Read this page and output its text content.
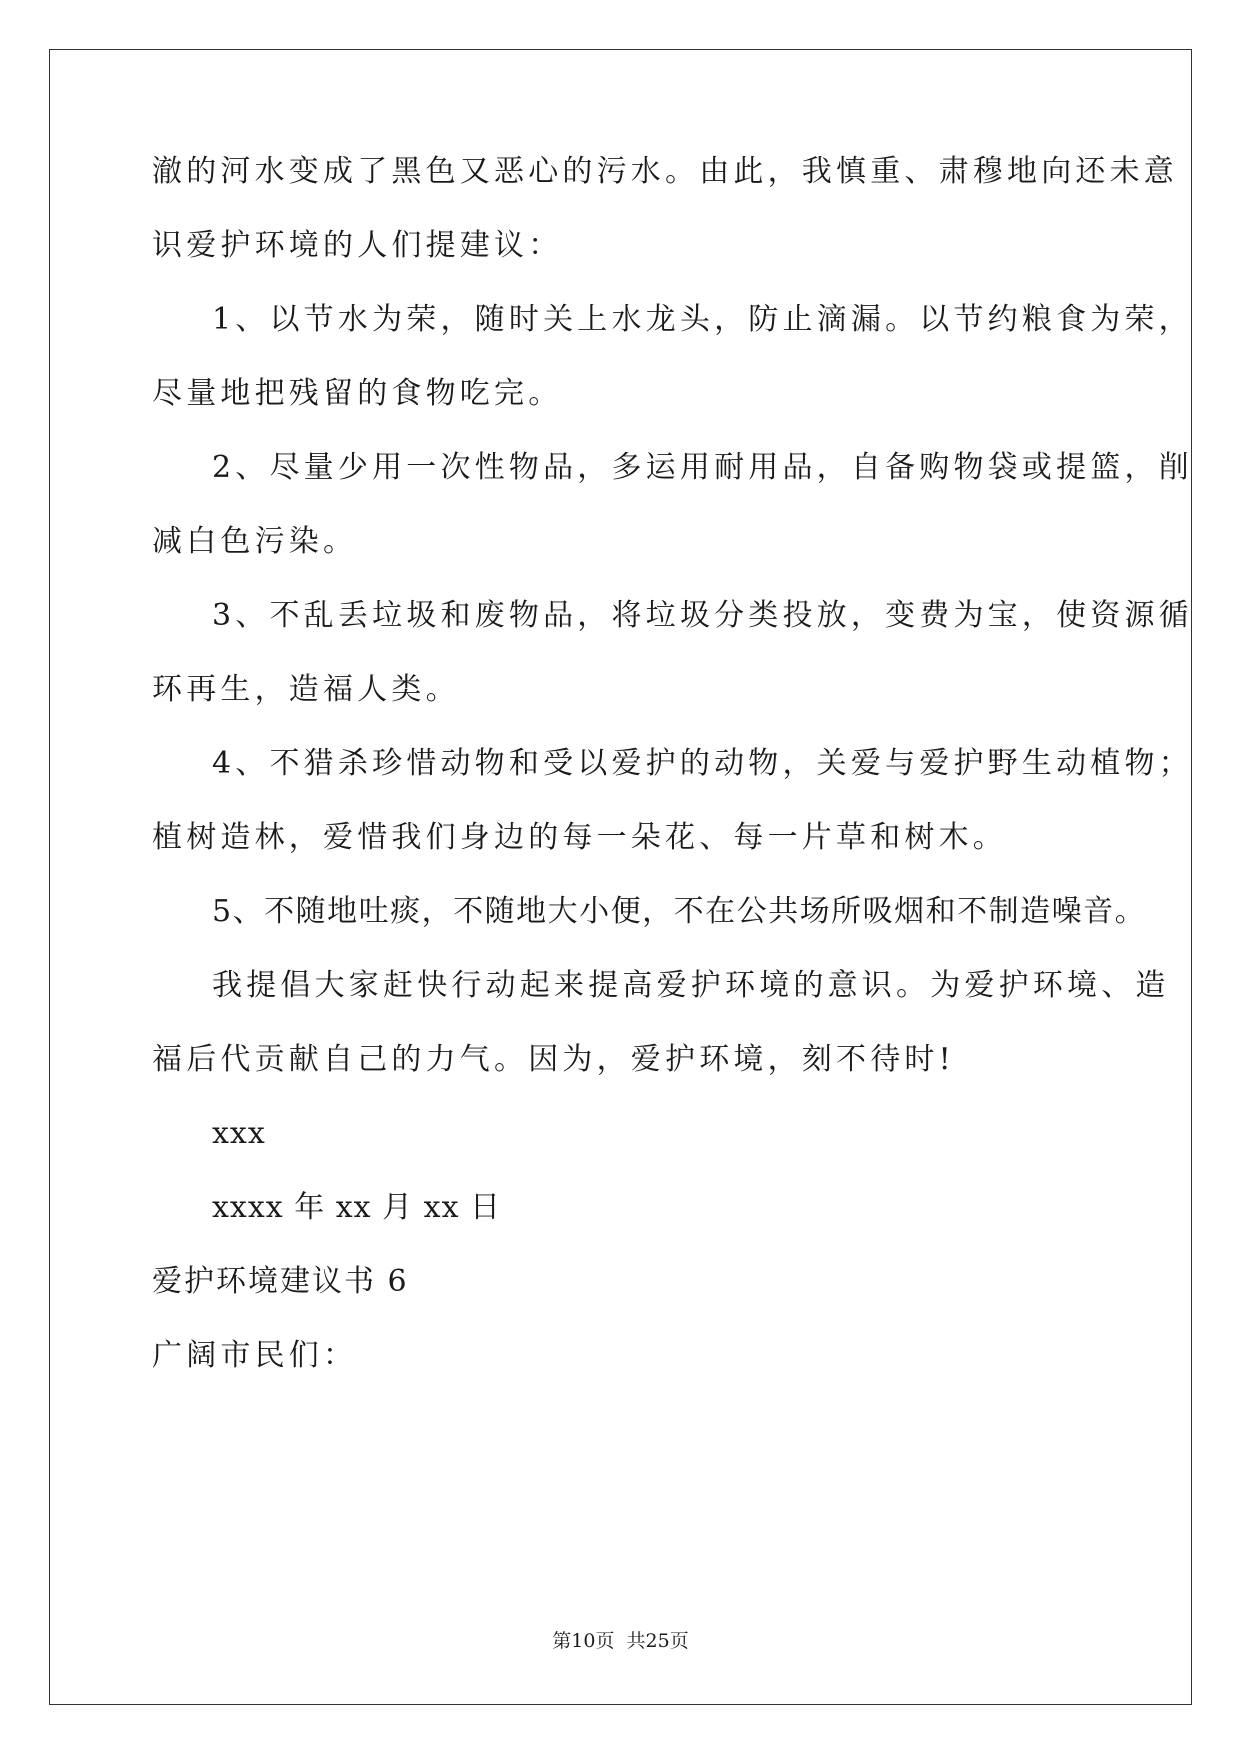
澈的河水变成了黑色又恶心的污水。由此，我慎重、肃穆地向还未意
识爱护环境的人们提建议：
1、以节水为荣，随时关上水龙头，防止滴漏。以节约粮食为荣，
尽量地把残留的食物吃完。
2、尽量少用一次性物品，多运用耐用品，自备购物袋或提篮，削
减白色污染。
3、不乱丢垃圾和废物品，将垃圾分类投放，变费为宝，使资源循
环再生，造福人类。
4、不猎杀珍惜动物和受以爱护的动物，关爱与爱护野生动植物；
植树造林，爱惜我们身边的每一朵花、每一片草和树木。
5、不随地吐痰，不随地大小便，不在公共场所吸烟和不制造噪音。
我提倡大家赶快行动起来提高爱护环境的意识。为爱护环境、造
福后代贡献自己的力气。因为，爱护环境，刻不待时!
xxx
xxxx 年 xx 月 xx 日
爱护环境建议书 6
广阔市民们：
第10页 共25页
